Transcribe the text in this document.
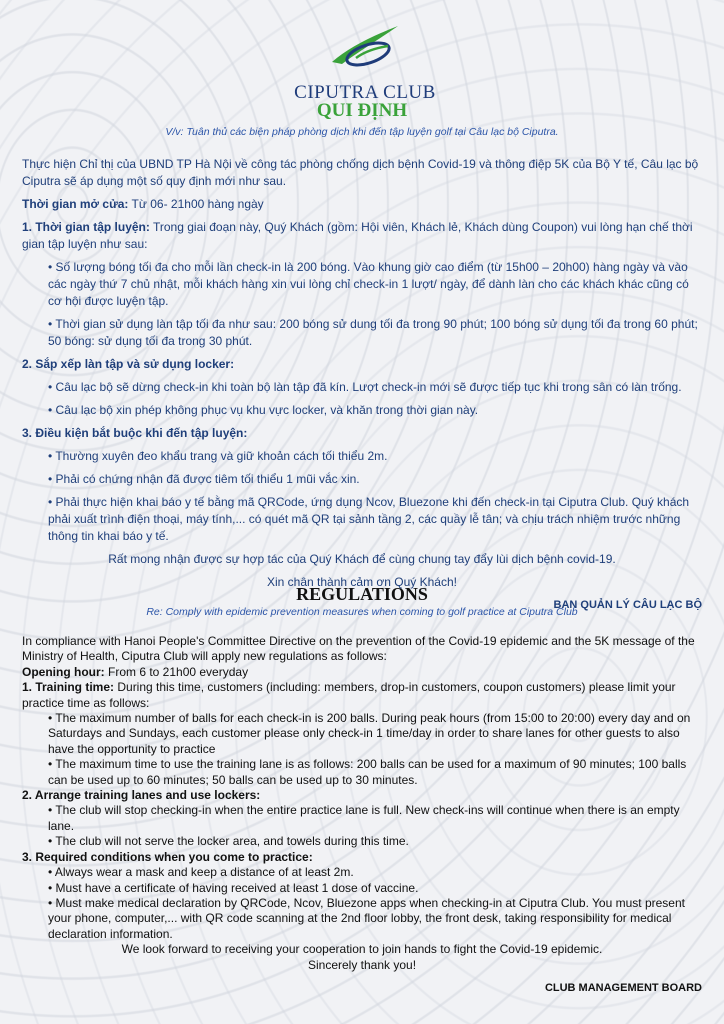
CIPUTRA CLUB
QUI ĐỊNH
V/v: Tuân thủ các biện pháp phòng dịch khi đến tập luyện golf tại Câu lạc bộ Ciputra.

Thực hiện Chỉ thị của UBND TP Hà Nội về công tác phòng chống dịch bệnh Covid-19 và thông điệp 5K của Bộ Y tế, Câu lạc bộ Ciputra sẽ áp dụng một số quy định mới như sau.

Thời gian mở cửa: Từ 06- 21h00 hàng ngày

1. Thời gian tập luyện: Trong giai đoạn này, Quý Khách (gồm: Hội viên, Khách lẻ, Khách dùng Coupon) vui lòng hạn chế thời gian tập luyện như sau:

• Số lượng bóng tối đa cho mỗi lần check-in là 200 bóng. Vào khung giờ cao điểm (từ 15h00 – 20h00) hàng ngày và vào các ngày thứ 7 chủ nhật, mỗi khách hàng xin vui lòng chỉ check-in 1 lượt/ ngày, để dành làn cho các khách khác cũng có cơ hội được luyện tập.

• Thời gian sử dụng làn tập tối đa như sau: 200 bóng sử dung tối đa trong 90 phút; 100 bóng sử dụng tối đa trong 60 phút; 50 bóng: sử dụng tối đa trong 30 phút.

2. Sắp xếp làn tập và sử dụng locker:

• Câu lạc bộ sẽ dừng check-in khi toàn bộ làn tập đã kín. Lượt check-in mới sẽ được tiếp tục khi trong sân có làn trống.

• Câu lạc bộ xin phép không phục vụ khu vực locker, và khăn trong thời gian này.

3. Điều kiện bắt buộc khi đến tập luyện:

• Thường xuyên đeo khẩu trang và giữ khoản cách tối thiểu 2m.

• Phải có chứng nhận đã được tiêm tối thiểu 1 mũi vắc xin.

• Phải thực hiện khai báo y tế bằng mã QRCode, ứng dụng Ncov, Bluezone khi đến check-in tại Ciputra Club. Quý khách phải xuất trình điện thoại, máy tính,... có quét mã QR tại sảnh tầng 2, các quầy lễ tân; và chịu trách nhiệm trước những thông tin khai báo y tế.

Rất mong nhận được sự hợp tác của Quý Khách để cùng chung tay đẩy lùi dịch bệnh covid-19.

Xin chân thành cảm ơn Quý Khách!

BAN QUẢN LÝ CÂU LẠC BỘ

REGULATIONS
Re: Comply with epidemic prevention measures when coming to golf practice at Ciputra Club

In compliance with Hanoi People's Committee Directive on the prevention of the Covid-19 epidemic and the 5K message of the Ministry of Health, Ciputra Club will apply new regulations as follows:

Opening hour: From 6 to 21h00 everyday

1. Training time: During this time, customers (including: members, drop-in customers, coupon customers) please limit your practice time as follows:

• The maximum number of balls for each check-in is 200 balls. During peak hours (from 15:00 to 20:00) every day and on Saturdays and Sundays, each customer please only check-in 1 time/day in order to share lanes for other guests to also have the opportunity to practice

• The maximum time to use the training lane is as follows: 200 balls can be used for a maximum of 90 minutes; 100 balls can be used up to 60 minutes; 50 balls can be used up to 30 minutes.

2. Arrange training lanes and use lockers:

• The club will stop checking-in when the entire practice lane is full. New check-ins will continue when there is an empty lane.

• The club will not serve the locker area, and towels during this time.

3. Required conditions when you come to practice:

• Always wear a mask and keep a distance of at least 2m.

• Must have a certificate of having received at least 1 dose of vaccine.

• Must make medical declaration by QRCode, Ncov, Bluezone apps when checking-in at Ciputra Club. You must present your phone, computer,... with QR code scanning at the 2nd floor lobby, the front desk, taking responsibility for medical declaration information.

We look forward to receiving your cooperation to join hands to fight the Covid-19 epidemic.

Sincerely thank you!

CLUB MANAGEMENT BOARD
